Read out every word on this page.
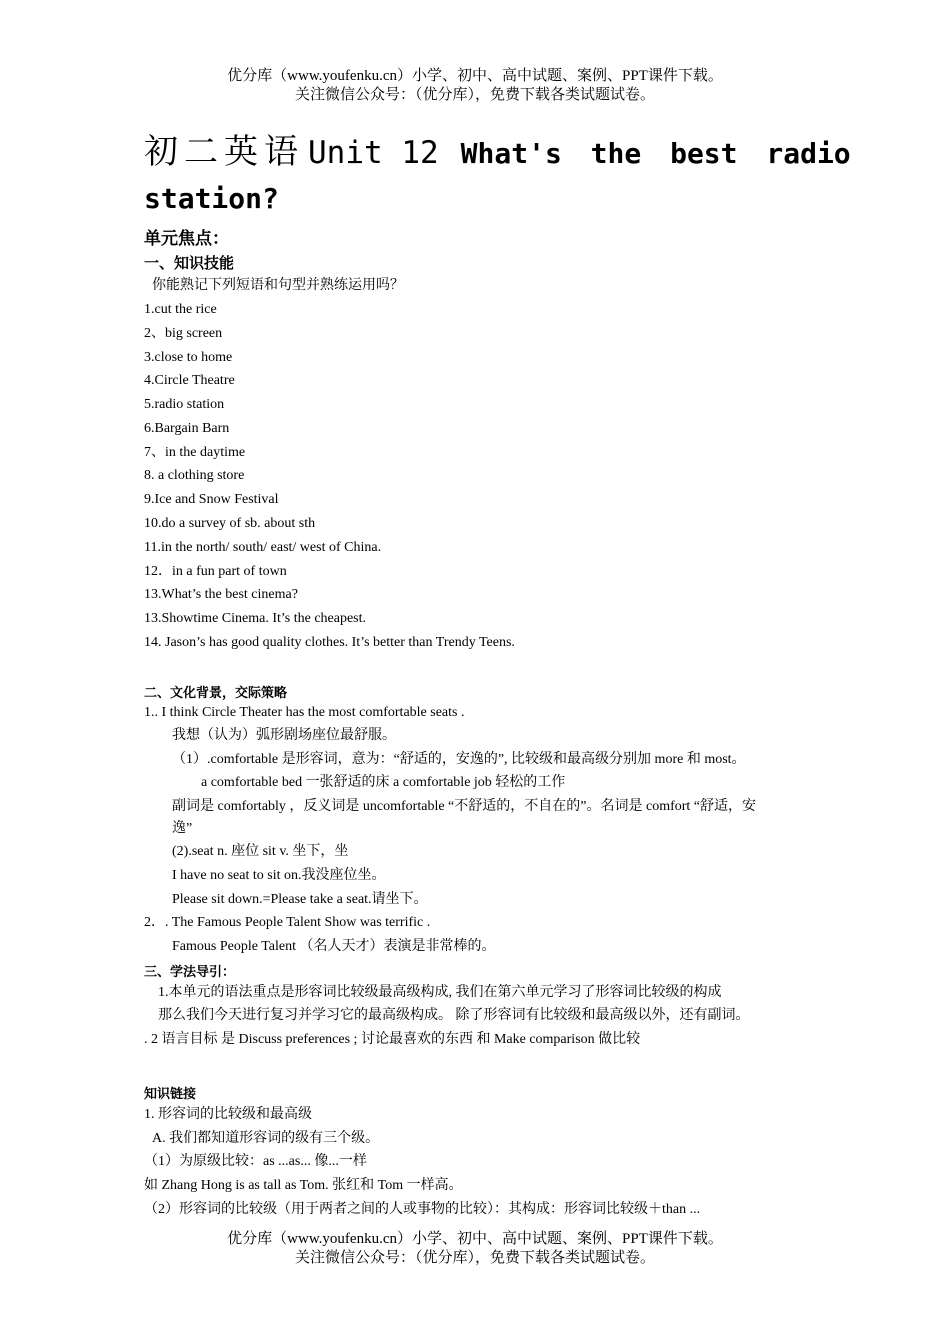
优分库（www.youfenku.cn）小学、初中、高中试题、案例、PPT课件下载。
关注微信公众号：（优分库），免费下载各类试题试卷。
初二英语 Unit 12 What's the best radio
station?
单元焦点：
一、知识技能
你能熟记下列短语和句型并熟练运用吗？
1.cut the rice
2、big screen
3.close to home
4.Circle Theatre
5.radio station
6.Bargain Barn
7、in the daytime
8. a clothing store
9.Ice and Snow Festival
10.do a survey of sb. about sth
11.in the north/ south/ east/ west of China.
12．in a fun part of town
13.What’s the best cinema?
13.Showtime Cinema. It’s the cheapest.
14. Jason’s has good quality clothes. It’s better than Trendy Teens.
二、文化背景，交际策略
1.. I think Circle Theater has the most comfortable seats .
我想（认为）弧形剧场座位最舒服。
（1）.comfortable 是形容词，意为：“舒适的，安逸的”, 比较级和最高级分别加 more 和 most。
a comfortable bed 一张舒适的床 a comfortable job 轻松的工作
副词是 comfortably ，反义词是 uncomfortable “不舒适的，不自在的”。名词是 comfort “舒适，安
逸”
(2).seat n. 座位 sit v. 坐下，坐
I have no seat to sit on.我没座位坐。
Please sit down.=Please take a seat.请坐下。
2．. The Famous People Talent Show was terrific .
Famous People Talent （名人天才）表演是非常棒的。
三、学法导引：
1.本单元的语法重点是形容词比较级最高级构成, 我们在第六单元学习了形容词比较级的构成
那么我们今天进行复习并学习它的最高级构成。 除了形容词有比较级和最高级以外，还有副词。
. 2 语言目标 是 Discuss preferences ; 讨论最喜欢的东西 和 Make comparison 做比较
知识链接
1. 形容词的比较级和最高级
A. 我们都知道形容词的级有三个级。
（1）为原级比较：as ...as... 像...一样
如 Zhang Hong is as tall as Tom. 张红和 Tom 一样高。
（2）形容词的比较级（用于两者之间的人或事物的比较）：其构成：形容词比较级＋than ...
优分库（www.youfenku.cn）小学、初中、高中试题、案例、PPT课件下载。
关注微信公众号：（优分库），免费下载各类试题试卷。
